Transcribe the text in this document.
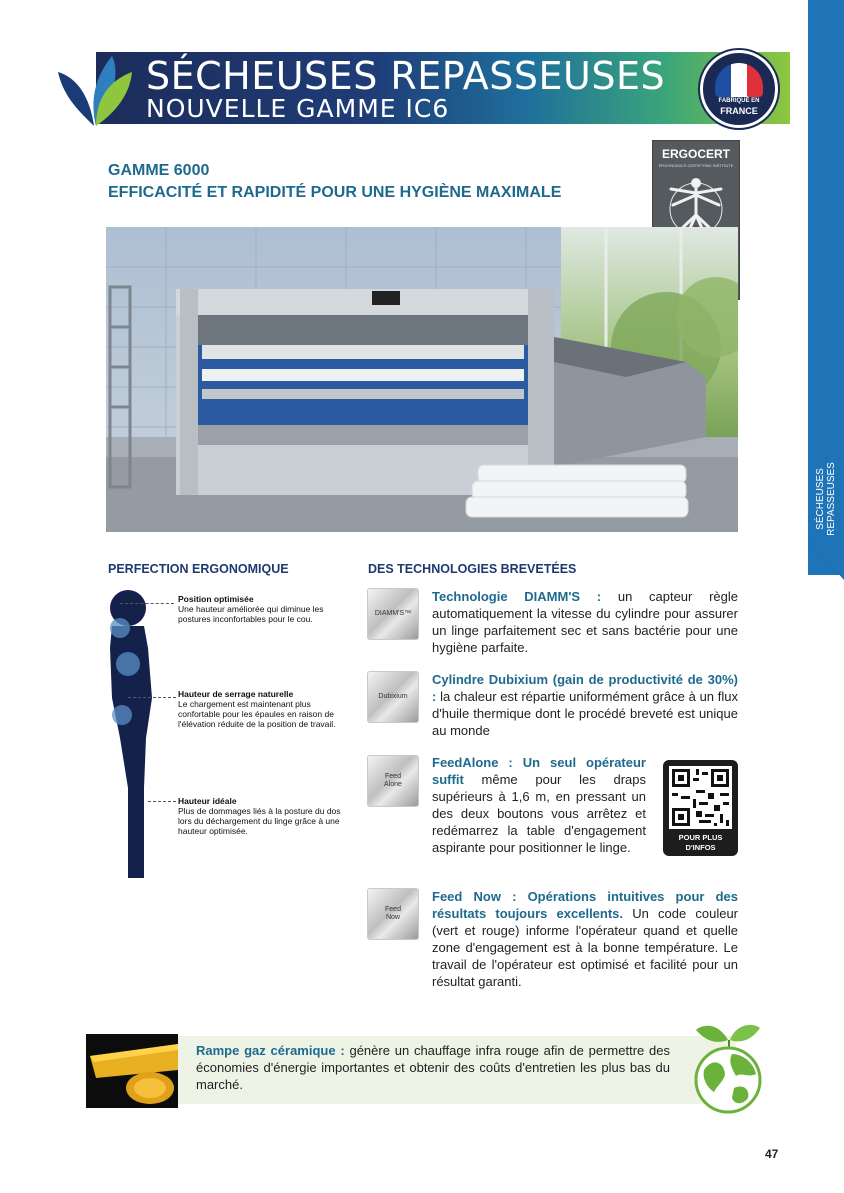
SÉCHEUSES REPASSEUSES
NOUVELLE GAMME IC6	FABRIQUÉ EN
FRANCE
SÉCHEUSES
REPASSEUSES
GAMME 6000
EFFICACITÉ ET RAPIDITÉ POUR UNE HYGIÈNE MAXIMALE
ERGOCERT
ERGONOMICS CERTIFYING INSTITUTE
PERFECTION ERGONOMIQUE	DES TECHNOLOGIES BREVETÉES
Position optimisée
Une hauteur améliorée qui diminue les postures inconfortables pour le cou.
Hauteur de serrage naturelle
Le chargement est maintenant plus confortable pour les épaules en raison de l'élévation réduite de la position de travail.
Hauteur idéale
Plus de dommages liés à la posture du dos lors du déchargement du linge grâce à une hauteur optimisée.
DIAMM'S™
Technologie DIAMM'S : un capteur règle automatiquement la vitesse du cylindre pour assurer un linge parfaitement sec et sans bactérie pour une hygiène parfaite.
Dubixium
Cylindre Dubixium (gain de productivité de 30%) : la chaleur est répartie uniformément grâce à un flux d'huile thermique dont le procédé breveté est unique au monde
Feed Alone
FeedAlone : Un seul opérateur suffit même pour les draps supérieurs à 1,6 m, en pressant un des deux boutons vous arrêtez et redémarrez la table d'engagement aspirante pour positionner le linge.
Feed Now
Feed Now : Opérations intuitives pour des résultats toujours excellents. Un code couleur (vert et rouge) informe l'opérateur quand et quelle zone d'engagement est à la bonne température. Le travail de l'opérateur est optimisé et facilité pour un résultat garanti.
POUR PLUS
D'INFOS
Rampe gaz céramique : génère un chauffage infra rouge afin de permettre des économies d'énergie importantes et obtenir des coûts d'entretien les plus bas du marché.
47
